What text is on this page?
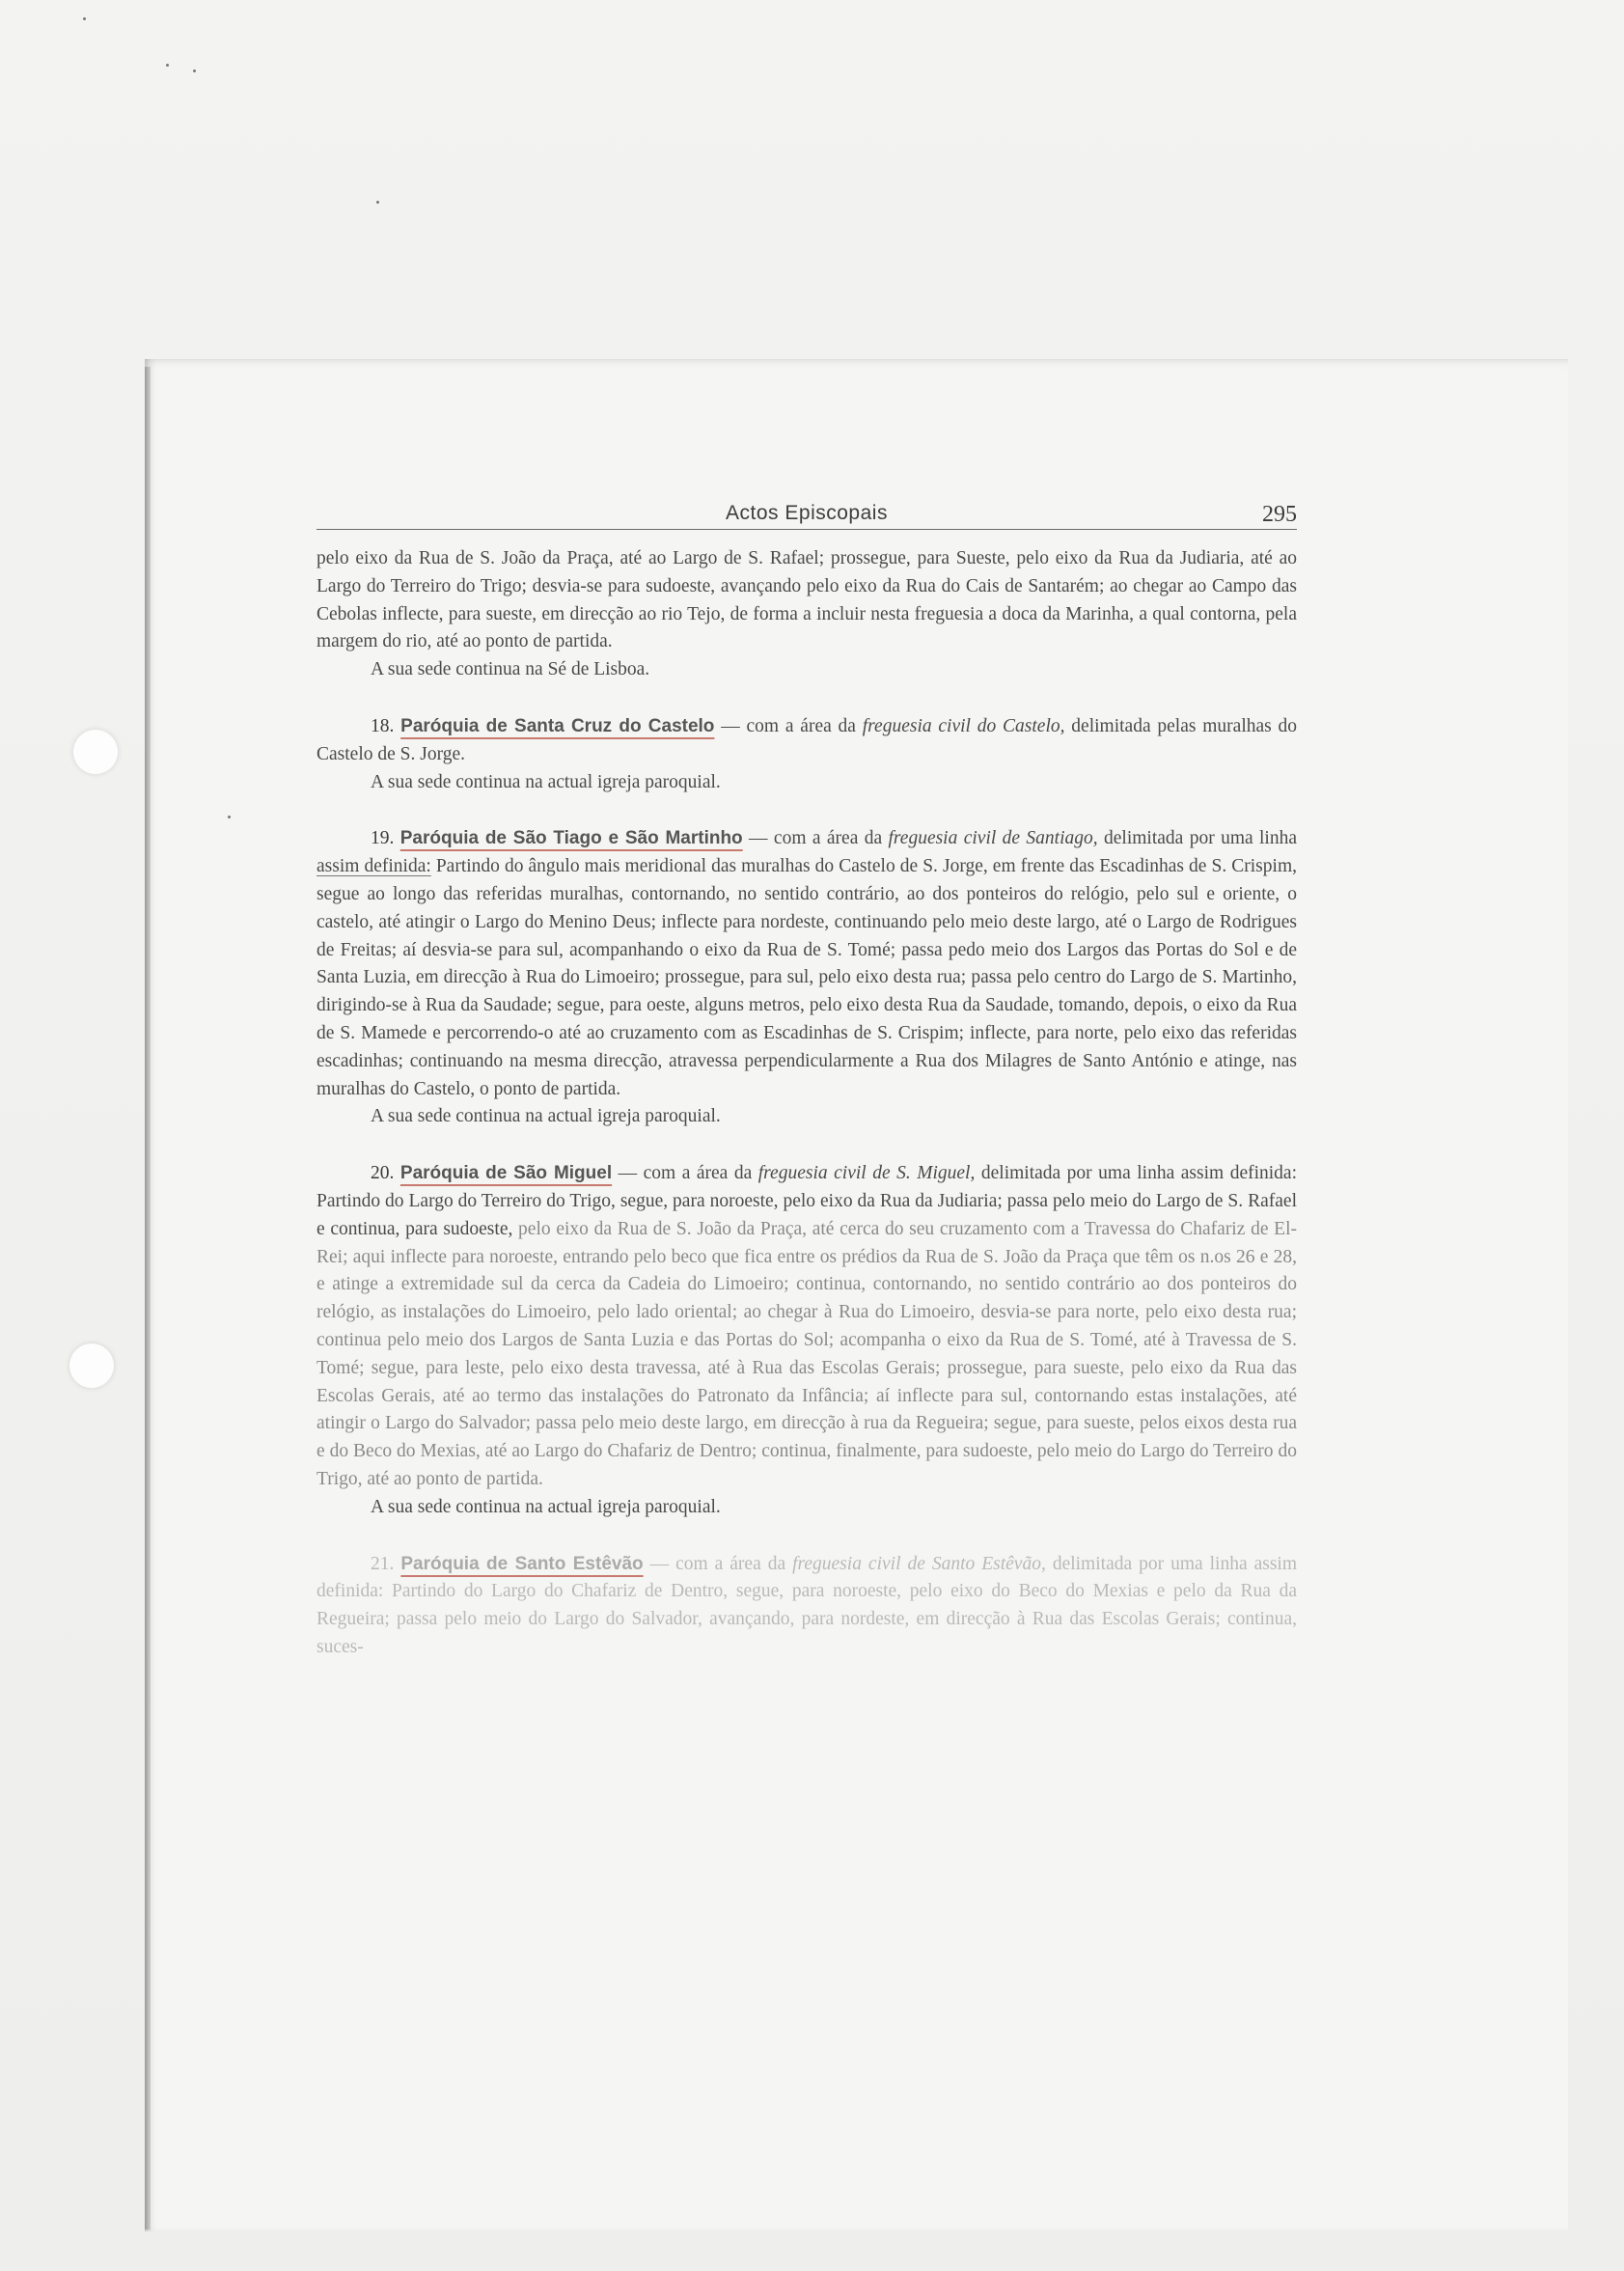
Actos Episcopais	295

pelo eixo da Rua de S. João da Praça, até ao Largo de S. Rafael; prossegue, para Sueste, pelo eixo da Rua da Judiaria, até ao Largo do Terreiro do Trigo; desvia-se para sudoeste, avançando pelo eixo da Rua do Cais de Santarém; ao chegar ao Campo das Cebolas inflecte, para sueste, em direcção ao rio Tejo, de forma a incluir nesta freguesia a doca da Marinha, a qual contorna, pela margem do rio, até ao ponto de partida.

A sua sede continua na Sé de Lisboa.

18. Paróquia de Santa Cruz do Castelo — com a área da freguesia civil do Castelo, delimitada pelas muralhas do Castelo de S. Jorge.

A sua sede continua na actual igreja paroquial.

19. Paróquia de São Tiago e São Martinho — com a área da freguesia civil de Santiago, delimitada por uma linha assim definida: Partindo do ângulo mais meridional das muralhas do Castelo de S. Jorge, em frente das Escadinhas de S. Crispim, segue ao longo das referidas muralhas, contornando, no sentido contrário, ao dos ponteiros do relógio, pelo sul e oriente, o castelo, até atingir o Largo do Menino Deus; inflecte para nordeste, continuando pelo meio deste largo, até o Largo de Rodrigues de Freitas; aí desvia-se para sul, acompanhando o eixo da Rua de S. Tomé; passa pedo meio dos Largos das Portas do Sol e de Santa Luzia, em direcção à Rua do Limoeiro; prossegue, para sul, pelo eixo desta rua; passa pelo centro do Largo de S. Martinho, dirigindo-se à Rua da Saudade; segue, para oeste, alguns metros, pelo eixo desta Rua da Saudade, tomando, depois, o eixo da Rua de S. Mamede e percorrendo-o até ao cruzamento com as Escadinhas de S. Crispim; inflecte, para norte, pelo eixo das referidas escadinhas; continuando na mesma direcção, atravessa perpendicularmente a Rua dos Milagres de Santo António e atinge, nas muralhas do Castelo, o ponto de partida.

A sua sede continua na actual igreja paroquial.

20. Paróquia de São Miguel — com a área da freguesia civil de S. Miguel, delimitada por uma linha assim definida: Partindo do Largo do Terreiro do Trigo, segue, para noroeste, pelo eixo da Rua da Judiaria; passa pelo meio do Largo de S. Rafael e continua, para sudoeste, pelo eixo da Rua de S. João da Praça, até cerca do seu cruzamento com a Travessa do Chafariz de El-Rei; aqui inflecte para noroeste, entrando pelo beco que fica entre os prédios da Rua de S. João da Praça que têm os n.os 26 e 28, e atinge a extremidade sul da cerca da Cadeia do Limoeiro; continua, contornando, no sentido contrário ao dos ponteiros do relógio, as instalações do Limoeiro, pelo lado oriental; ao chegar à Rua do Limoeiro, desvia-se para norte, pelo eixo desta rua; continua pelo meio dos Largos de Santa Luzia e das Portas do Sol; acompanha o eixo da Rua de S. Tomé, até à Travessa de S. Tomé; segue, para leste, pelo eixo desta travessa, até à Rua das Escolas Gerais; prossegue, para sueste, pelo eixo da Rua das Escolas Gerais, até ao termo das instalações do Patronato da Infância; aí inflecte para sul, contornando estas instalações, até atingir o Largo do Salvador; passa pelo meio deste largo, em direcção à rua da Regueira; segue, para sueste, pelos eixos desta rua e do Beco do Mexias, até ao Largo do Chafariz de Dentro; continua, finalmente, para sudoeste, pelo meio do Largo do Terreiro do Trigo, até ao ponto de partida.

A sua sede continua na actual igreja paroquial.

21. Paróquia de Santo Estêvão — com a área da freguesia civil de Santo Estêvão, delimitada por uma linha assim definida: Partindo do Largo do Chafariz de Dentro, segue, para noroeste, pelo eixo do Beco do Mexias e pelo da Rua da Regueira; passa pelo meio do Largo do Salvador, avançando, para nordeste, em direcção à Rua das Escolas Gerais; continua, suces-
